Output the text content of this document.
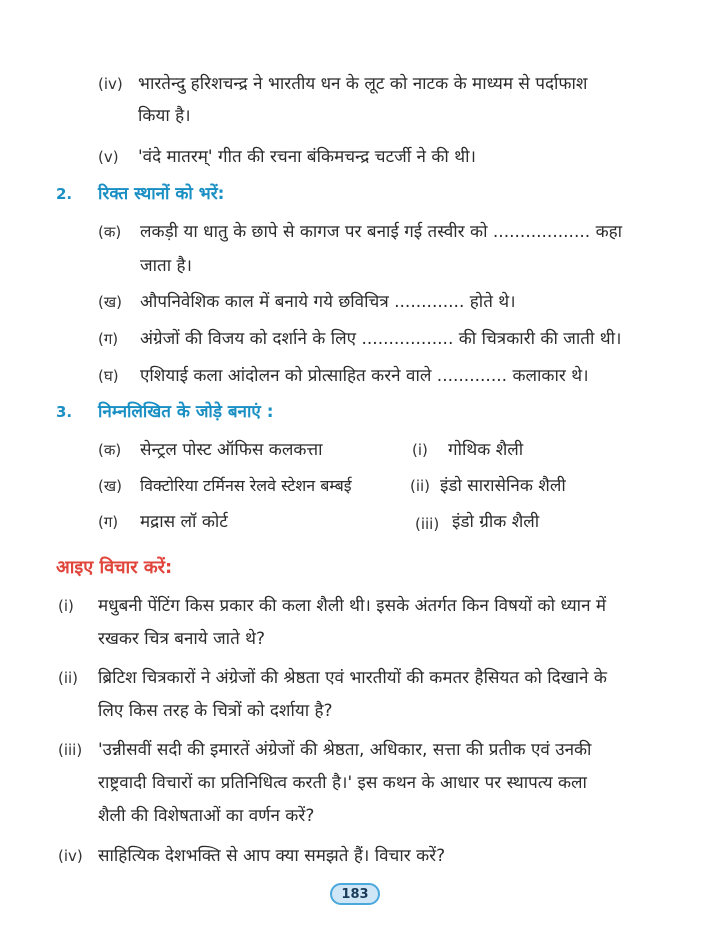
(iv) भारतेन्दु हरिशचन्द्र ने भारतीय धन के लूट को नाटक के माध्यम से पर्दाफाश
किया है।
(v) 'वंदे मातरम्' गीत की रचना बंकिमचन्द्र चटर्जी ने की थी।
2. रिक्त स्थानों को भरें:
(क) लकड़ी या धातु के छापे से कागज पर बनाई गई तस्वीर को .................. कहा
जाता है।
(ख) औपनिवेशिक काल में बनाये गये छविचित्र ............. होते थे।
(ग) अंग्रेजों की विजय को दर्शाने के लिए ................. की चित्रकारी की जाती थी।
(घ) एशियाई कला आंदोलन को प्रोत्साहित करने वाले ............. कलाकार थे।
3. निम्नलिखित के जोड़े बनाएं :
(क) सेन्ट्रल पोस्ट ऑफिस कलकत्ता	(i) गोथिक शैली
(ख) विक्टोरिया टर्मिनस रेलवे स्टेशन बम्बई	(ii) इंडो सारासेनिक शैली
(ग) मद्रास लॉ कोर्ट	(iii) इंडो ग्रीक शैली
आइए विचार करें:
(i) मधुबनी पेंटिंग किस प्रकार की कला शैली थी। इसके अंतर्गत किन विषयों को ध्यान में
रखकर चित्र बनाये जाते थे?
(ii) ब्रिटिश चित्रकारों ने अंग्रेजों की श्रेष्ठता एवं भारतीयों की कमतर हैसियत को दिखाने के
लिए किस तरह के चित्रों को दर्शाया है?
(iii) 'उन्नीसवीं सदी की इमारतें अंग्रेजों की श्रेष्ठता, अधिकार, सत्ता की प्रतीक एवं उनकी
राष्ट्रवादी विचारों का प्रतिनिधित्व करती है।' इस कथन के आधार पर स्थापत्य कला
शैली की विशेषताओं का वर्णन करें?
(iv) साहित्यिक देशभक्ति से आप क्या समझते हैं। विचार करें?
183
